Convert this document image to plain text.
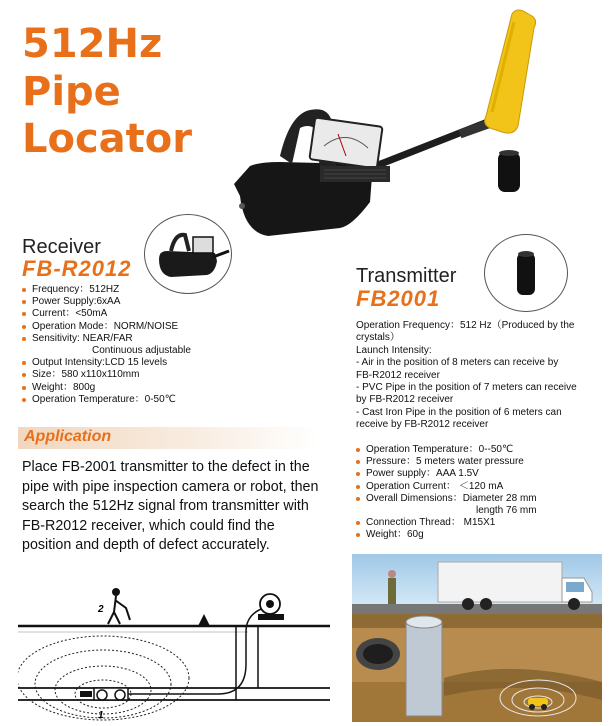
512Hz
Pipe
Locator
Receiver
FB-R2012
Frequency：512HZ
Power Supply:6xAA
Current：<50mA
Operation Mode：NORM/NOISE
Sensitivity: NEAR/FAR
Continuous adjustable
Output Intensity:LCD 15 levels
Size：580 x110x110mm
Weight：800g
Operation Temperature：0-50℃
Transmitter
FB2001
Operation Frequency：512 Hz（Produced by the
crystals）
Launch Intensity:
- Air in the position of 8 meters can receive by
FB-R2012 receiver
- PVC Pipe in the position of 7 meters can receive
by FB-R2012 receiver
- Cast Iron Pipe in the position of 6 meters can
receive by FB-R2012 receiver
Operation Temperature：0--50℃
Pressure：5 meters water pressure
Power supply：AAA 1.5V
Operation Current： ＜120 mA
Overall Dimensions：Diameter 28 mm
length 76 mm
Connection Thread： M15X1
Weight：60g
Application
Place FB-2001 transmitter to the defect in the pipe with pipe inspection camera or robot, then search the 512Hz signal from transmitter with FB-R2012 receiver, which could find the position and depth of defect accurately.
2
1
